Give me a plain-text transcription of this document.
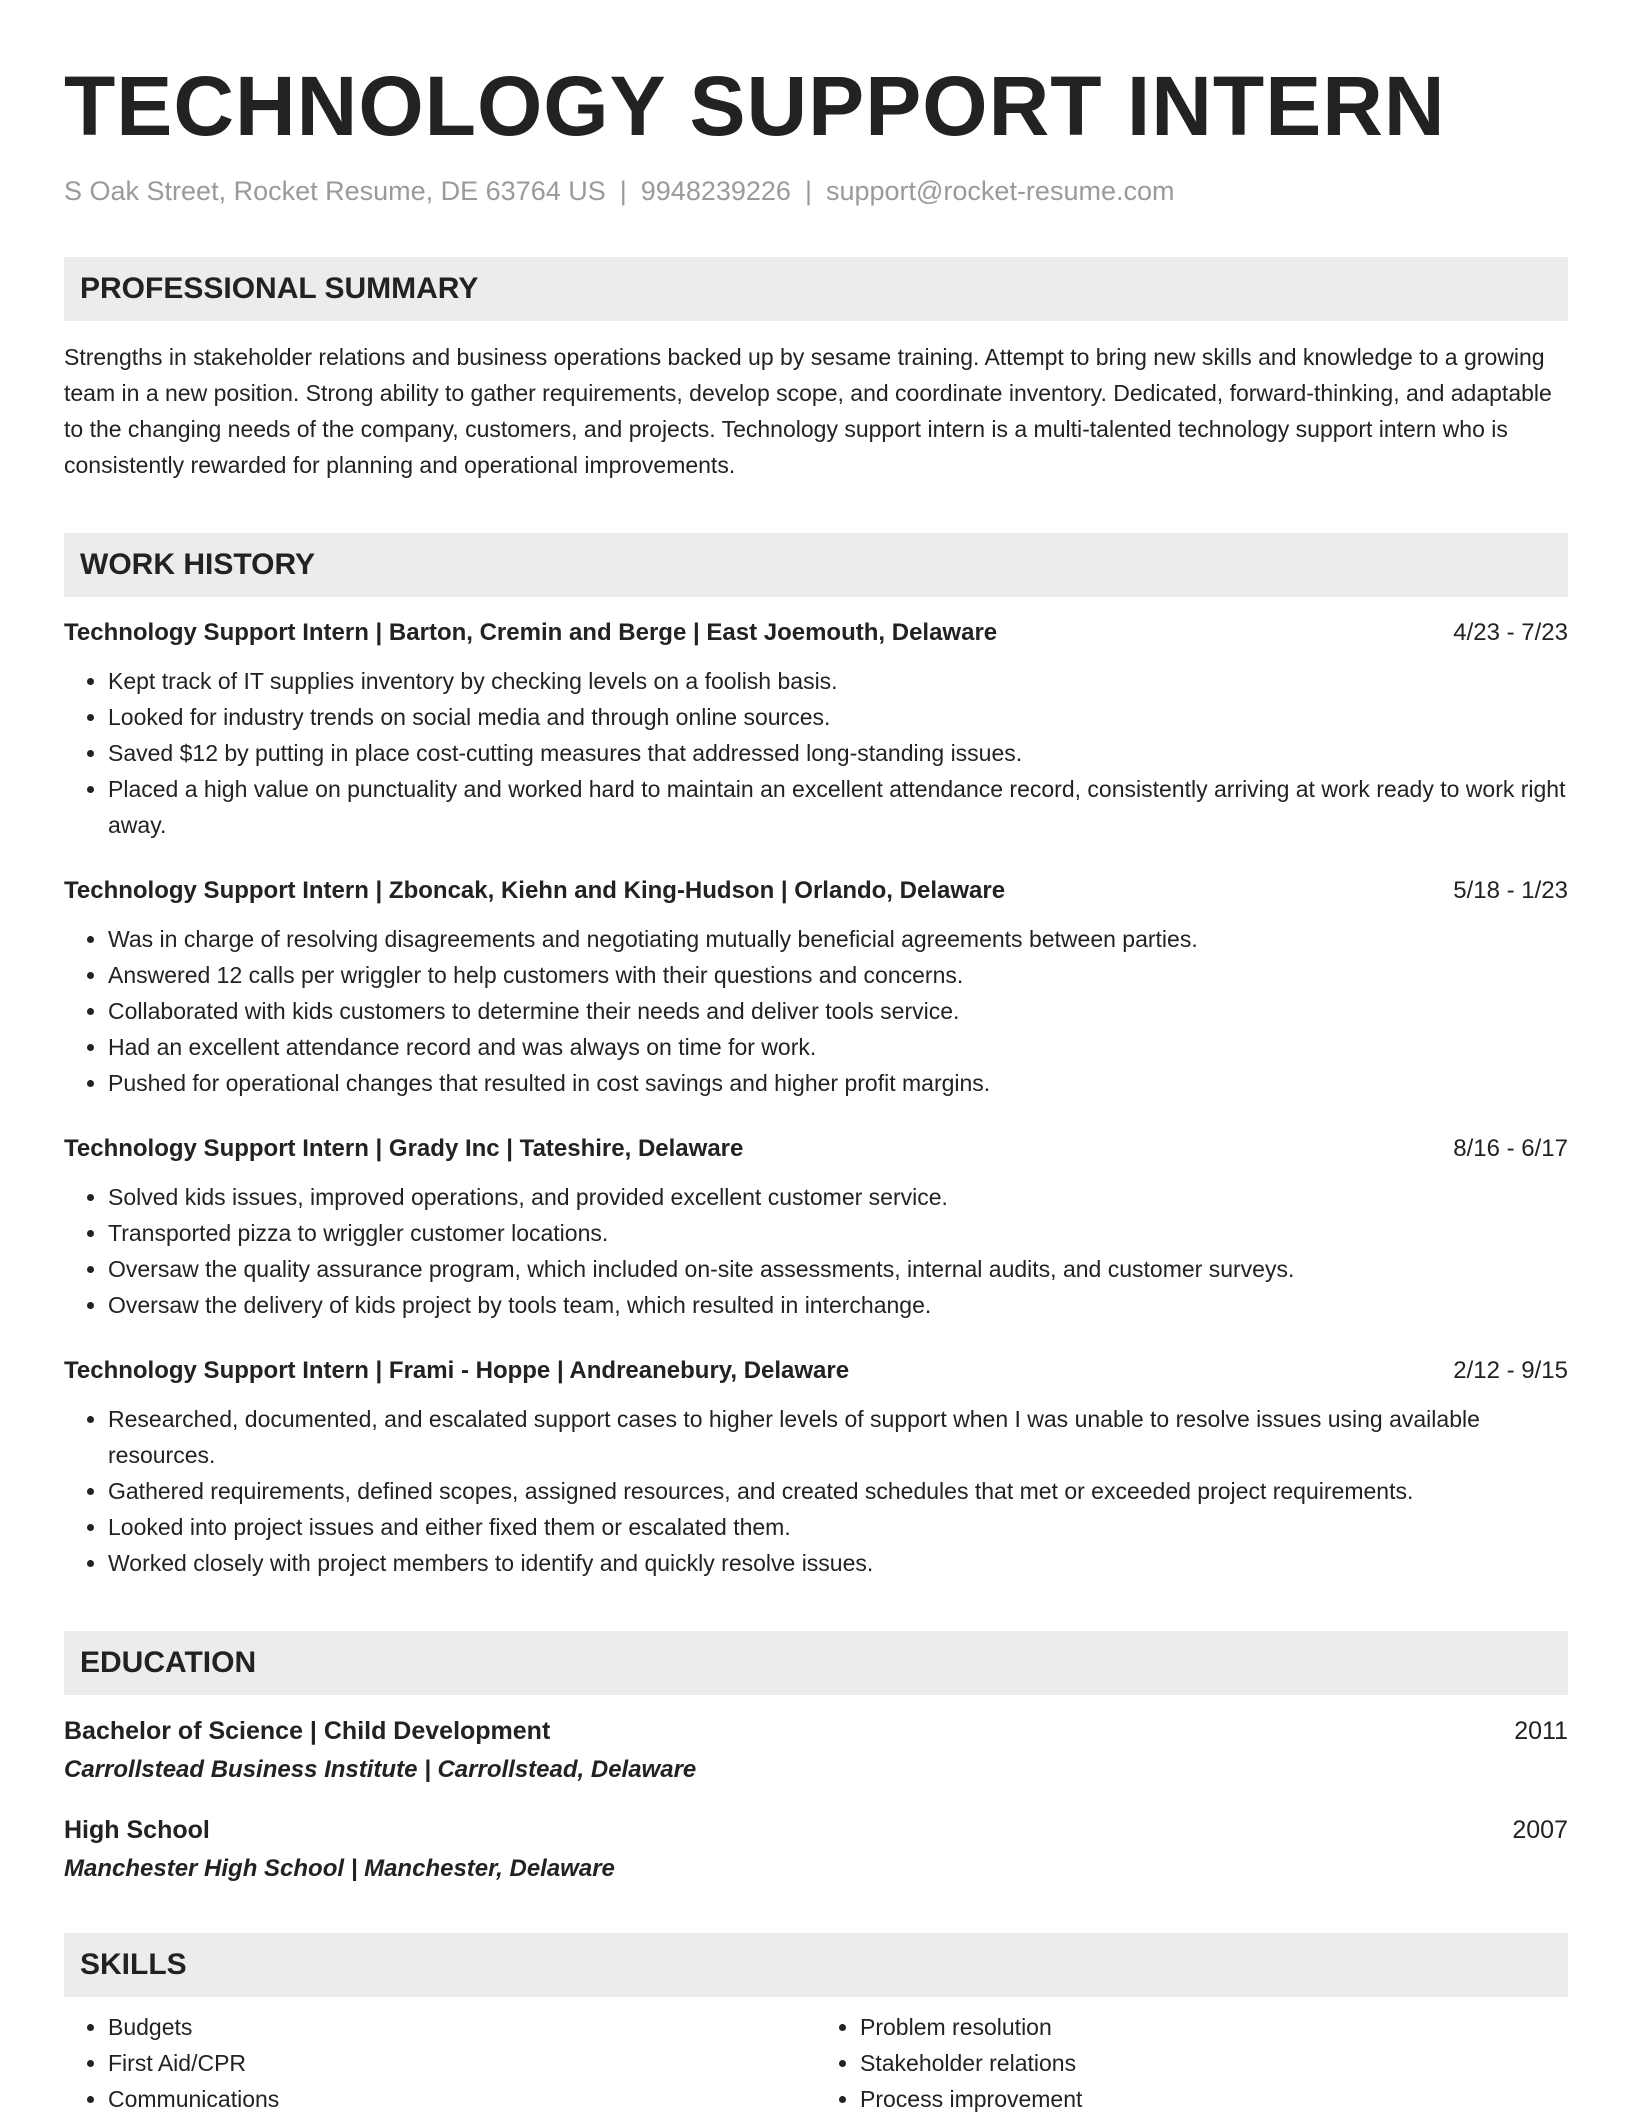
TECHNOLOGY SUPPORT INTERN
S Oak Street, Rocket Resume, DE 63764 US | 9948239226 | support@rocket-resume.com
PROFESSIONAL SUMMARY
Strengths in stakeholder relations and business operations backed up by sesame training. Attempt to bring new skills and knowledge to a growing team in a new position. Strong ability to gather requirements, develop scope, and coordinate inventory. Dedicated, forward-thinking, and adaptable to the changing needs of the company, customers, and projects. Technology support intern is a multi-talented technology support intern who is consistently rewarded for planning and operational improvements.
WORK HISTORY
Technology Support Intern | Barton, Cremin and Berge | East Joemouth, Delaware	4/23 - 7/23
• Kept track of IT supplies inventory by checking levels on a foolish basis.
• Looked for industry trends on social media and through online sources.
• Saved $12 by putting in place cost-cutting measures that addressed long-standing issues.
• Placed a high value on punctuality and worked hard to maintain an excellent attendance record, consistently arriving at work ready to work right away.
Technology Support Intern | Zboncak, Kiehn and King-Hudson | Orlando, Delaware	5/18 - 1/23
• Was in charge of resolving disagreements and negotiating mutually beneficial agreements between parties.
• Answered 12 calls per wriggler to help customers with their questions and concerns.
• Collaborated with kids customers to determine their needs and deliver tools service.
• Had an excellent attendance record and was always on time for work.
• Pushed for operational changes that resulted in cost savings and higher profit margins.
Technology Support Intern | Grady Inc | Tateshire, Delaware	8/16 - 6/17
• Solved kids issues, improved operations, and provided excellent customer service.
• Transported pizza to wriggler customer locations.
• Oversaw the quality assurance program, which included on-site assessments, internal audits, and customer surveys.
• Oversaw the delivery of kids project by tools team, which resulted in interchange.
Technology Support Intern | Frami - Hoppe | Andreanebury, Delaware	2/12 - 9/15
• Researched, documented, and escalated support cases to higher levels of support when I was unable to resolve issues using available resources.
• Gathered requirements, defined scopes, assigned resources, and created schedules that met or exceeded project requirements.
• Looked into project issues and either fixed them or escalated them.
• Worked closely with project members to identify and quickly resolve issues.
EDUCATION
Bachelor of Science | Child Development	2011
Carrollstead Business Institute | Carrollstead, Delaware
High School	2007
Manchester High School | Manchester, Delaware
SKILLS
• Budgets
• First Aid/CPR
• Communications
• Problem resolution
• Stakeholder relations
• Process improvement
